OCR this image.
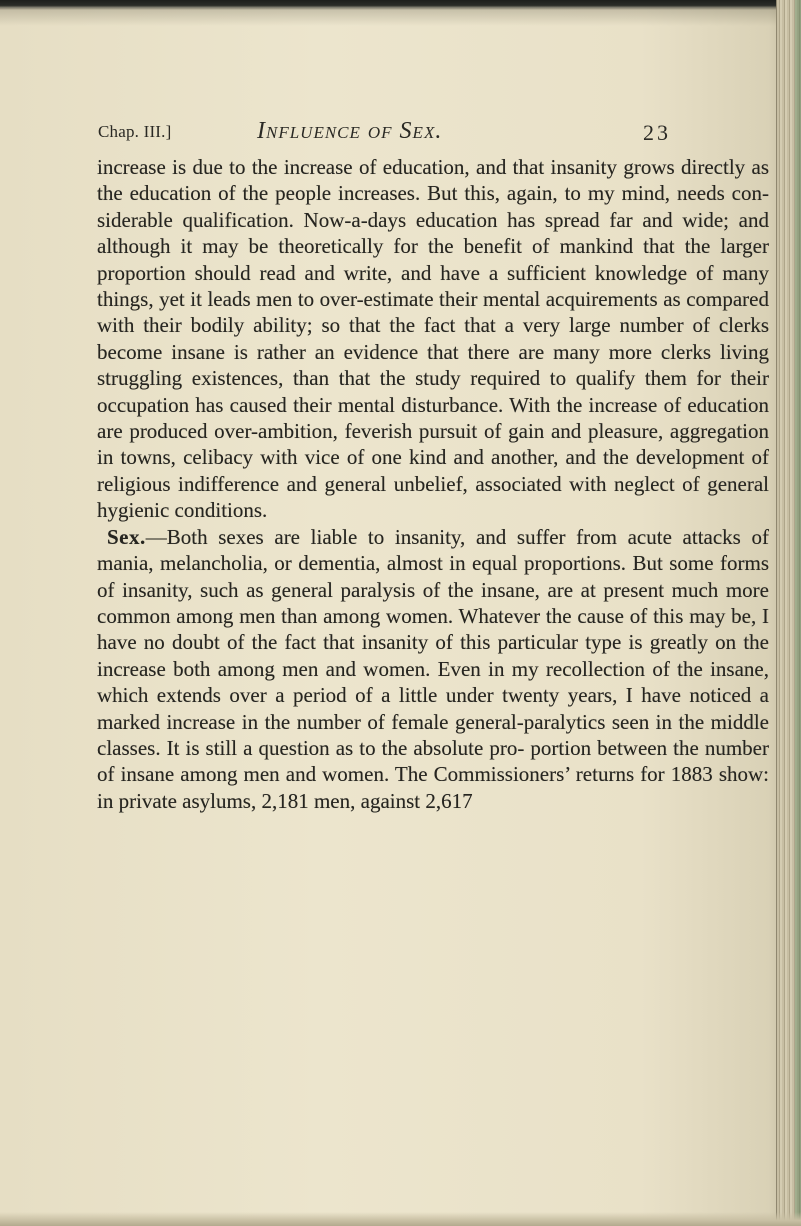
Chap. III.]	Influence of Sex.	23

increase is due to the increase of education, and that insanity grows directly as the education of the people increases. But this, again, to my mind, needs con- siderable qualification. Now-a-days education has spread far and wide; and although it may be theoretically for the benefit of mankind that the larger proportion should read and write, and have a sufficient knowledge of many things, yet it leads men to over-estimate their mental acquirements as compared with their bodily ability; so that the fact that a very large number of clerks become insane is rather an evidence that there are many more clerks living struggling existences, than that the study required to qualify them for their occupation has caused their mental disturbance. With the increase of education are produced over-ambition, feverish pursuit of gain and pleasure, aggregation in towns, celibacy with vice of one kind and another, and the development of religious indifference and general unbelief, associated with neglect of general hygienic conditions.

Sex.—Both sexes are liable to insanity, and suffer from acute attacks of mania, melancholia, or dementia, almost in equal proportions. But some forms of insanity, such as general paralysis of the insane, are at present much more common among men than among women. Whatever the cause of this may be, I have no doubt of the fact that insanity of this particular type is greatly on the increase both among men and women. Even in my recollection of the insane, which extends over a period of a little under twenty years, I have noticed a marked increase in the number of female general-paralytics seen in the middle classes. It is still a question as to the absolute pro- portion between the number of insane among men and women. The Commissioners’ returns for 1883 show: in private asylums, 2,181 men, against 2,617
